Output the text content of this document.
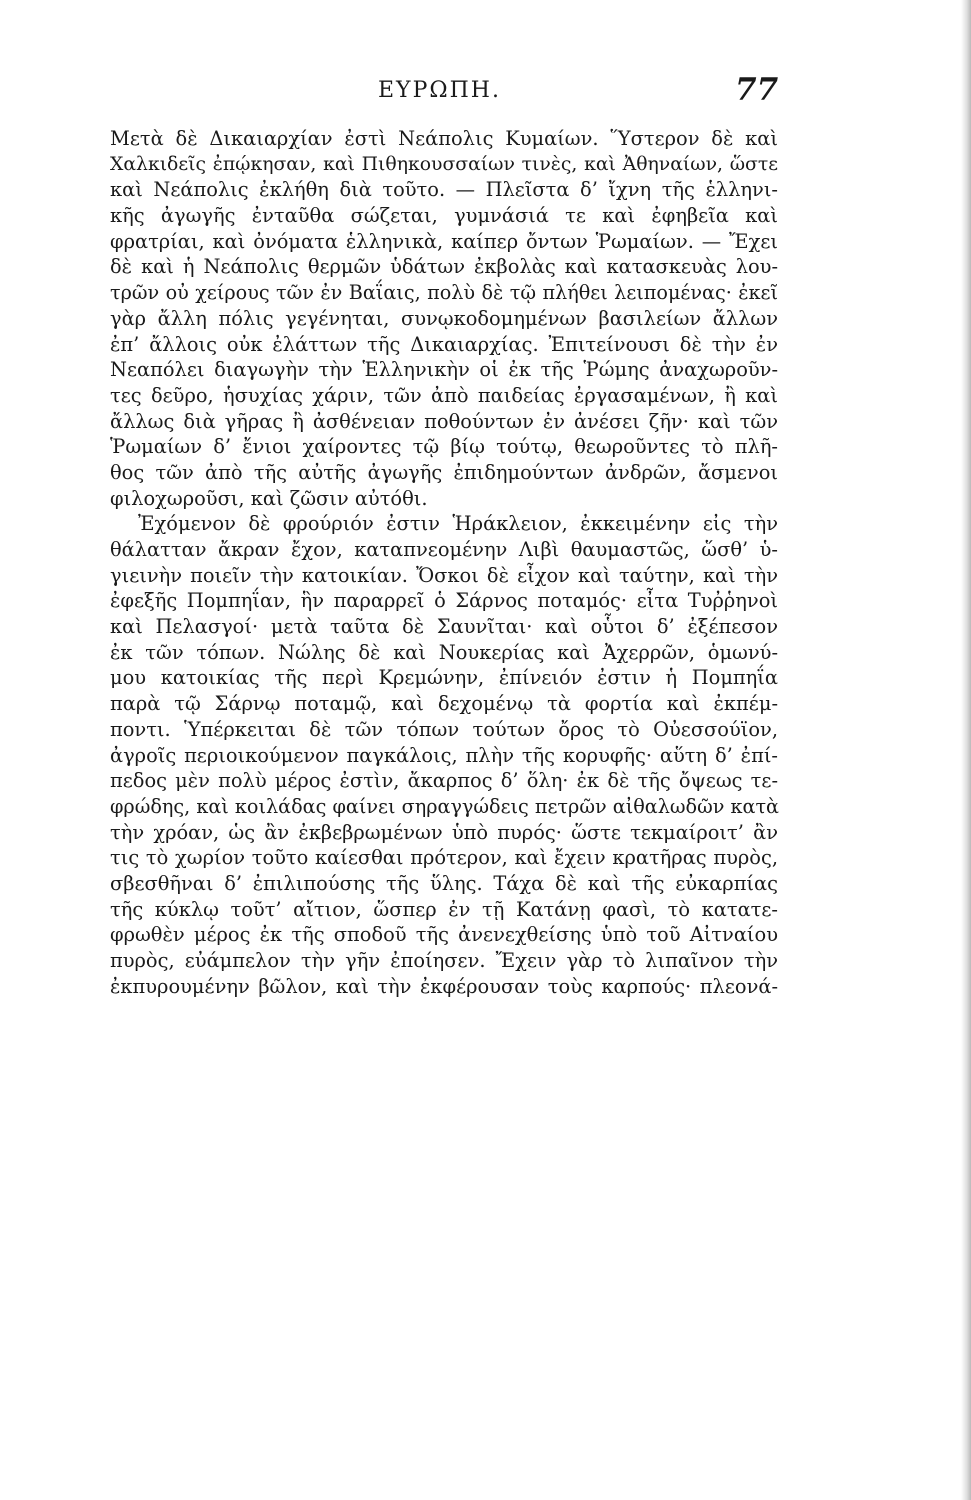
ΕΥΡΩΠΗ.	77
Μετὰ δὲ Δικαιαρχίαν ἐστὶ Νεάπολις Κυμαίων. Ὕστερον δὲ καὶ
Χαλκιδεῖς ἐπῴκησαν, καὶ Πιθηκουσσαίων τινὲς, καὶ Ἀθηναίων, ὥστε
καὶ Νεάπολις ἐκλήθη διὰ τοῦτο. — Πλεῖστα δ’ ἴχνη τῆς ἑλληνι-
κῆς ἀγωγῆς ἐνταῦθα σώζεται, γυμνάσιά τε καὶ ἐφηβεῖα καὶ
φρατρίαι, καὶ ὀνόματα ἑλληνικὰ, καίπερ ὄντων Ῥωμαίων. — Ἔχει
δὲ καὶ ἡ Νεάπολις θερμῶν ὑδάτων ἐκβολὰς καὶ κατασκευὰς λου-
τρῶν οὐ χείρους τῶν ἐν Βαΐαις, πολὺ δὲ τῷ πλήθει λειπομένας· ἐκεῖ
γὰρ ἄλλη πόλις γεγένηται, συνῳκοδομημένων βασιλείων ἄλλων
ἐπ’ ἄλλοις οὐκ ἐλάττων τῆς Δικαιαρχίας. Ἐπιτείνουσι δὲ τὴν ἐν
Νεαπόλει διαγωγὴν τὴν Ἑλληνικὴν οἱ ἐκ τῆς Ῥώμης ἀναχωροῦν-
τες δεῦρο, ἡσυχίας χάριν, τῶν ἀπὸ παιδείας ἐργασαμένων, ἢ καὶ
ἄλλως διὰ γῆρας ἢ ἀσθένειαν ποθούντων ἐν ἀνέσει ζῆν· καὶ τῶν
Ῥωμαίων δ’ ἔνιοι χαίροντες τῷ βίῳ τούτῳ, θεωροῦντες τὸ πλῆ-
θος τῶν ἀπὸ τῆς αὐτῆς ἀγωγῆς ἐπιδημούντων ἀνδρῶν, ἄσμενοι
φιλοχωροῦσι, καὶ ζῶσιν αὐτόθι.
Ἐχόμενον δὲ φρούριόν ἐστιν Ἡράκλειον, ἐκκειμένην εἰς τὴν
θάλατταν ἄκραν ἔχον, καταπνεομένην Λιβὶ θαυμαστῶς, ὥσθ’ ὑ-
γιεινὴν ποιεῖν τὴν κατοικίαν. Ὄσκοι δὲ εἶχον καὶ ταύτην, καὶ τὴν
ἐφεξῆς Πομπηΐαν, ἣν παραρρεῖ ὁ Σάρνος ποταμός· εἶτα Τυῤῥηνοὶ
καὶ Πελασγοί· μετὰ ταῦτα δὲ Σαυνῖται· καὶ οὗτοι δ’ ἐξέπεσον
ἐκ τῶν τόπων. Νώλης δὲ καὶ Νουκερίας καὶ Ἀχερρῶν, ὁμωνύ-
μου κατοικίας τῆς περὶ Κρεμώνην, ἐπίνειόν ἐστιν ἡ Πομπηΐα
παρὰ τῷ Σάρνῳ ποταμῷ, καὶ δεχομένῳ τὰ φορτία καὶ ἐκπέμ-
ποντι. Ὑπέρκειται δὲ τῶν τόπων τούτων ὄρος τὸ Οὐεσσούϊον,
ἀγροῖς περιοικούμενον παγκάλοις, πλὴν τῆς κορυφῆς· αὕτη δ’ ἐπί-
πεδος μὲν πολὺ μέρος ἐστὶν, ἄκαρπος δ’ ὅλη· ἐκ δὲ τῆς ὄψεως τε-
φρώδης, καὶ κοιλάδας φαίνει σηραγγώδεις πετρῶν αἰθαλωδῶν κατὰ
τὴν χρόαν, ὡς ἂν ἐκβεβρωμένων ὑπὸ πυρός· ὥστε τεκμαίροιτ’ ἂν
τις τὸ χωρίον τοῦτο καίεσθαι πρότερον, καὶ ἔχειν κρατῆρας πυρὸς,
σβεσθῆναι δ’ ἐπιλιπούσης τῆς ὕλης. Τάχα δὲ καὶ τῆς εὐκαρπίας
τῆς κύκλῳ τοῦτ’ αἴτιον, ὥσπερ ἐν τῇ Κατάνῃ φασὶ, τὸ κατατε-
φρωθὲν μέρος ἐκ τῆς σποδοῦ τῆς ἀνενεχθείσης ὑπὸ τοῦ Αἰτναίου
πυρὸς, εὐάμπελον τὴν γῆν ἐποίησεν. Ἔχειν γὰρ τὸ λιπαῖνον τὴν
ἐκπυρουμένην βῶλον, καὶ τὴν ἐκφέρουσαν τοὺς καρπούς· πλεονά-
